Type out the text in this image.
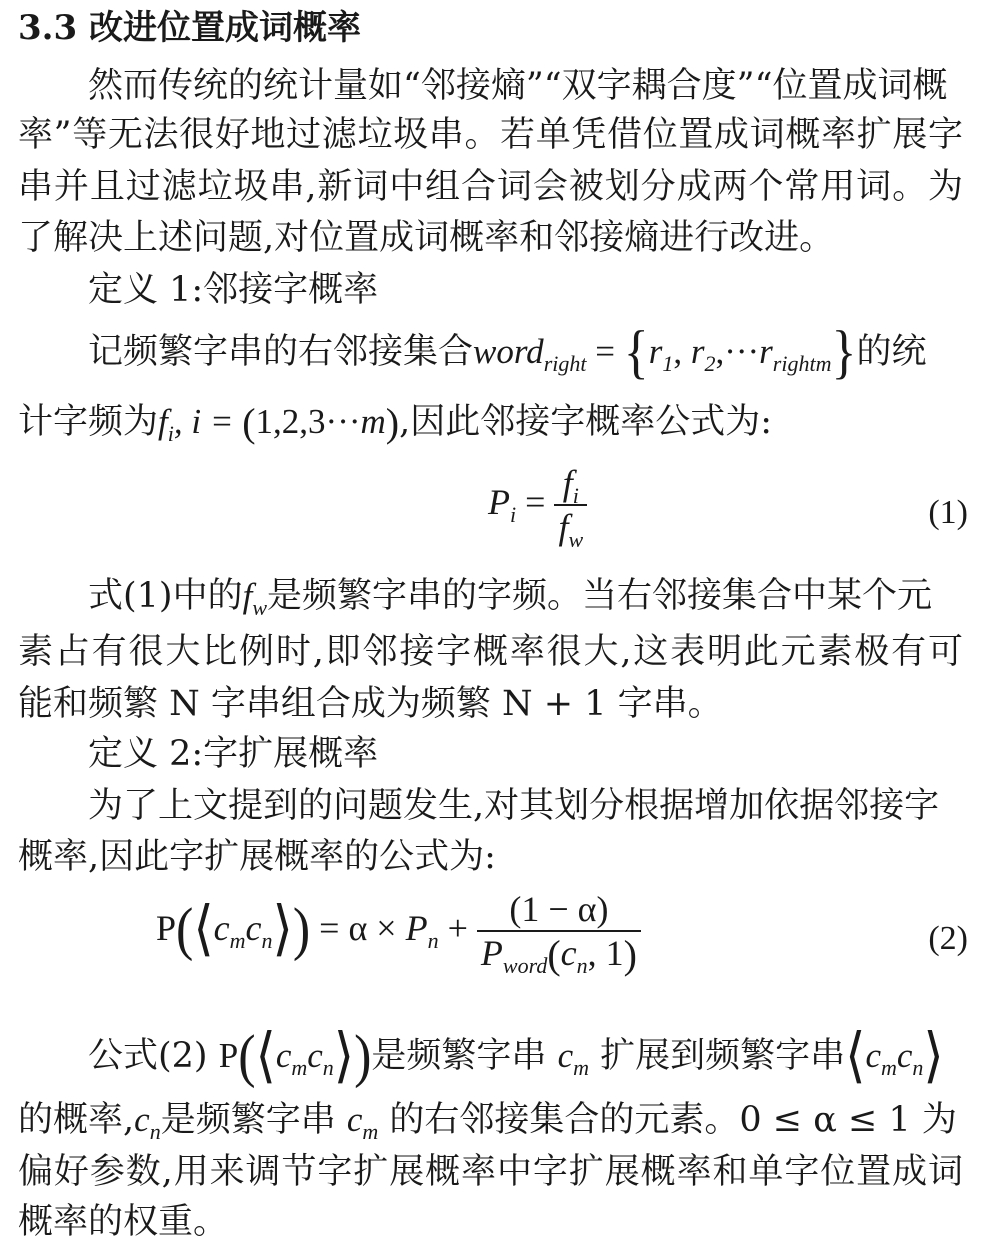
3.3 改进位置成词概率
然而传统的统计量如“邻接熵”“双字耦合度”“位置成词概
率”等无法很好地过滤垃圾串。若单凭借位置成词概率扩展字
串并且过滤垃圾串,新词中组合词会被划分成两个常用词。为
了解决上述问题,对位置成词概率和邻接熵进行改进。
定义 1:邻接字概率
记频繁字串的右邻接集合word$_{right}$ = {$r_1$, $r_2,\cdot\cdot\cdot r_{rightm}$}的统
计字频为$f_i$, i = (1,2,3···m),因此邻接字概率公式为:
$P_i = \frac{f_i}{f_w}$	(1)
式(1)中的$f_w$是频繁字串的字频。当右邻接集合中某个元
素占有很大比例时,即邻接字概率很大,这表明此元素极有可
能和频繁 N 字串组合成为频繁 N + 1 字串。
定义 2:字扩展概率
为了上文提到的问题发生,对其划分根据增加依据邻接字
概率,因此字扩展概率的公式为:
$P(⟨c_mc_n⟩) = \alpha \times P_n + \frac{(1 - \alpha)}{P_{word}(c_n, 1)}$	(2)
公式(2) $P(⟨c_mc_n⟩)$是频繁字串 $c_m$ 扩展到频繁字串$⟨c_mc_n⟩$
的概率$,c_n$是频繁字串 $c_m$ 的右邻接集合的元素。0 ≤ α ≤ 1 为
偏好参数,用来调节字扩展概率中字扩展概率和单字位置成词
概率的权重。
